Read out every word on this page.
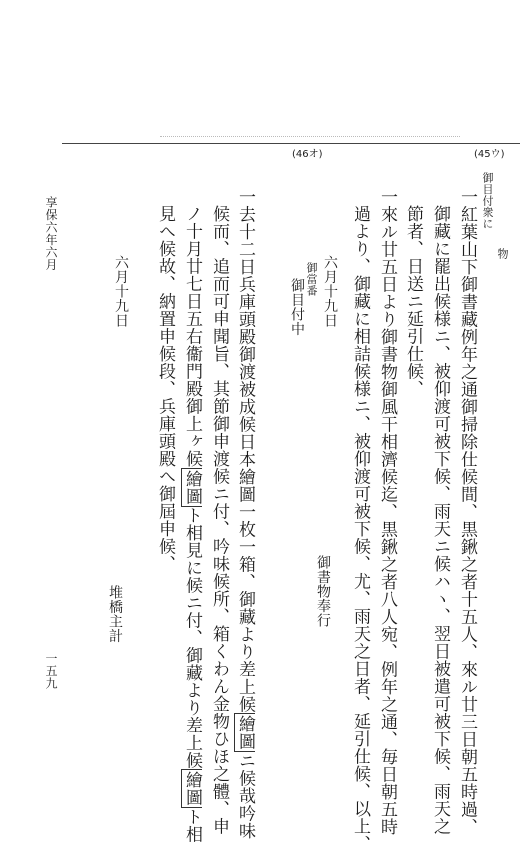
(46オ)	(45ウ)
御目付衆に
物
一紅葉山下御書藏例年之通御掃除仕候間、黒鍬之者十五人、來ル廿三日朝五時過、
御藏に罷出候様ニ、被仰渡可被下候、雨天ニ候ハヽ、翌日被遣可被下候、雨天之
節者、日送ニ延引仕候、
一來ル廿五日より御書物御風干相濟候迄、黒鍬之者八人宛、例年之通、毎日朝五時
過より、御藏に相詰候様ニ、被仰渡可被下候、尤、雨天之日者、延引仕候、以上、
六月十九日
御書物奉行
御當番
御目付中
一去十二日兵庫頭殿御渡被成候日本繪圖一枚一箱、御藏より差上候繪圖ニ候哉吟味
候而、追而可申聞旨、其節御申渡候ニ付、吟味候所、箱くわん金物ひほ之體、申
ノ十月廿七日五右衞門殿御上ヶ候繪圖ト相見に候ニ付、御藏より差上候繪圖ト相
見へ候故、納置申候段、兵庫頭殿へ御屆申候、
六月十九日
堆橋主計
享保六年六月
一五九
